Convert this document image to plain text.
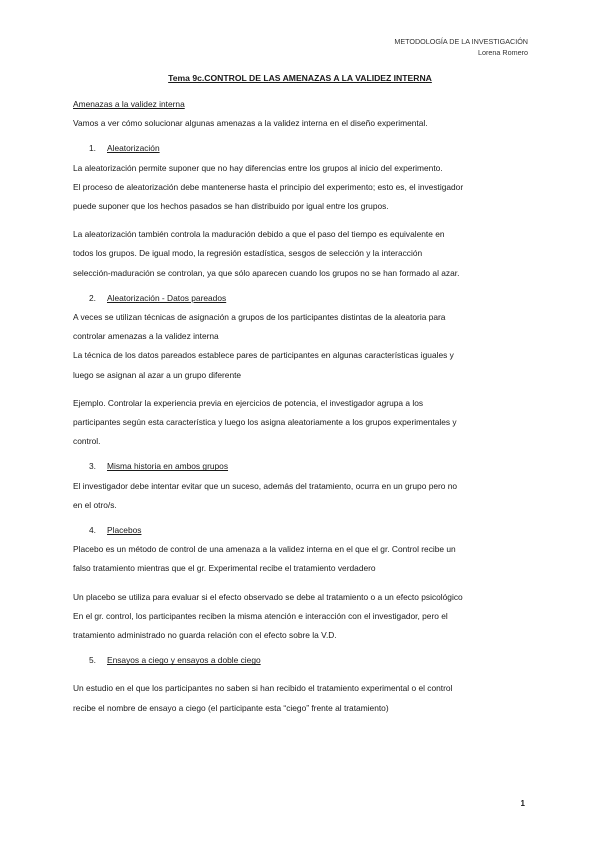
METODOLOGÍA DE LA INVESTIGACIÓN
Lorena Romero
Tema 9c.CONTROL DE LAS AMENAZAS A LA VALIDEZ INTERNA
Amenazas a la validez interna
Vamos a ver cómo solucionar algunas amenazas a la validez interna en el diseño experimental.
1. Aleatorización
La aleatorización permite suponer que no hay diferencias entre los grupos al inicio del experimento.
El proceso de aleatorización debe mantenerse hasta el principio del experimento; esto es, el investigador
puede suponer que los hechos pasados se han distribuido por igual entre los grupos.
La aleatorización también controla la maduración debido a que el paso del tiempo es equivalente en
todos los grupos. De igual modo, la regresión estadística, sesgos de selección y la interacción
selección-maduración se controlan, ya que sólo aparecen cuando los grupos no se han formado al azar.
2. Aleatorización - Datos pareados
A veces se utilizan técnicas de asignación a grupos de los participantes distintas de la aleatoria para
controlar amenazas a la validez interna
La técnica de los datos pareados establece pares de participantes en algunas características iguales y
luego se asignan al azar a un grupo diferente
Ejemplo. Controlar la experiencia previa en ejercicios de potencia, el investigador agrupa a los
participantes según esta característica y luego los asigna aleatoriamente a los grupos experimentales y
control.
3. Misma historia en ambos grupos
El investigador debe intentar evitar que un suceso, además del tratamiento, ocurra en un grupo pero no
en el otro/s.
4. Placebos
Placebo es un método de control de una amenaza a la validez interna en el que el gr. Control recibe un
falso tratamiento mientras que el gr. Experimental recibe el tratamiento verdadero
Un placebo se utiliza para evaluar si el efecto observado se debe al tratamiento o a un efecto psicológico
En el gr. control, los participantes reciben la misma atención e interacción con el investigador, pero el
tratamiento administrado no guarda relación con el efecto sobre la V.D.
5. Ensayos a ciego y ensayos a doble ciego
Un estudio en el que los participantes no saben si han recibido el tratamiento experimental o el control
recibe el nombre de ensayo a ciego (el participante esta “ciego” frente al tratamiento)
1
